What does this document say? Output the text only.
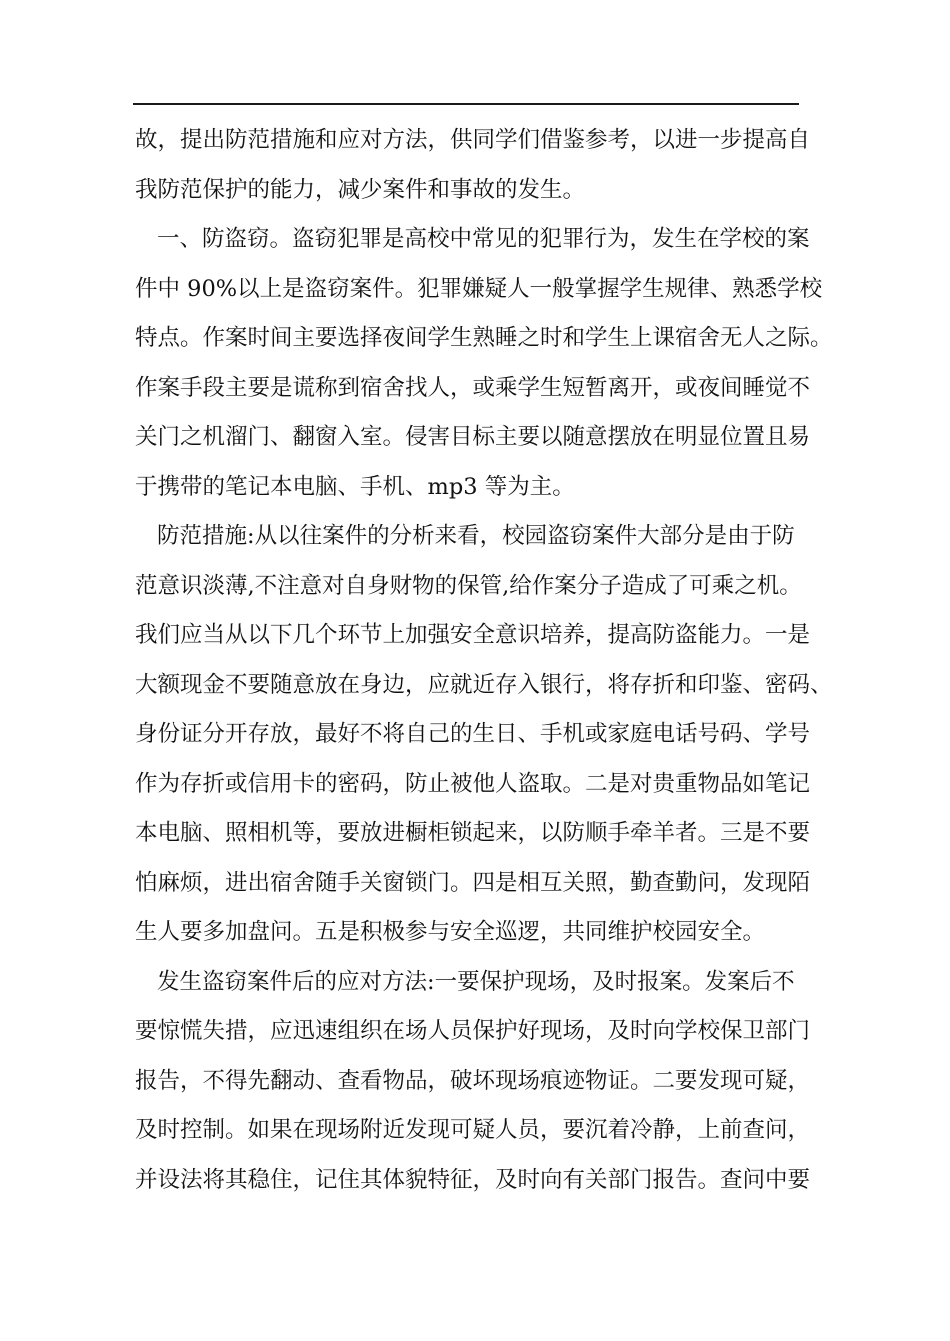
故，提出防范措施和应对方法，供同学们借鉴参考，以进一步提高自
我防范保护的能力，减少案件和事故的发生。
一、防盗窃。盗窃犯罪是高校中常见的犯罪行为，发生在学校的案
件中 90%以上是盗窃案件。犯罪嫌疑人一般掌握学生规律、熟悉学校
特点。作案时间主要选择夜间学生熟睡之时和学生上课宿舍无人之际。
作案手段主要是谎称到宿舍找人，或乘学生短暂离开，或夜间睡觉不
关门之机溜门、翻窗入室。侵害目标主要以随意摆放在明显位置且易
于携带的笔记本电脑、手机、mp3 等为主。
防范措施:从以往案件的分析来看，校园盗窃案件大部分是由于防
范意识淡薄,不注意对自身财物的保管,给作案分子造成了可乘之机。
我们应当从以下几个环节上加强安全意识培养，提高防盗能力。一是
大额现金不要随意放在身边，应就近存入银行，将存折和印鉴、密码、
身份证分开存放，最好不将自己的生日、手机或家庭电话号码、学号
作为存折或信用卡的密码，防止被他人盗取。二是对贵重物品如笔记
本电脑、照相机等，要放进橱柜锁起来，以防顺手牵羊者。三是不要
怕麻烦，进出宿舍随手关窗锁门。四是相互关照，勤查勤问，发现陌
生人要多加盘问。五是积极参与安全巡逻，共同维护校园安全。
发生盗窃案件后的应对方法:一要保护现场，及时报案。发案后不
要惊慌失措，应迅速组织在场人员保护好现场，及时向学校保卫部门
报告，不得先翻动、查看物品，破坏现场痕迹物证。二要发现可疑，
及时控制。如果在现场附近发现可疑人员，要沉着冷静，上前查问，
并设法将其稳住，记住其体貌特征，及时向有关部门报告。查问中要
